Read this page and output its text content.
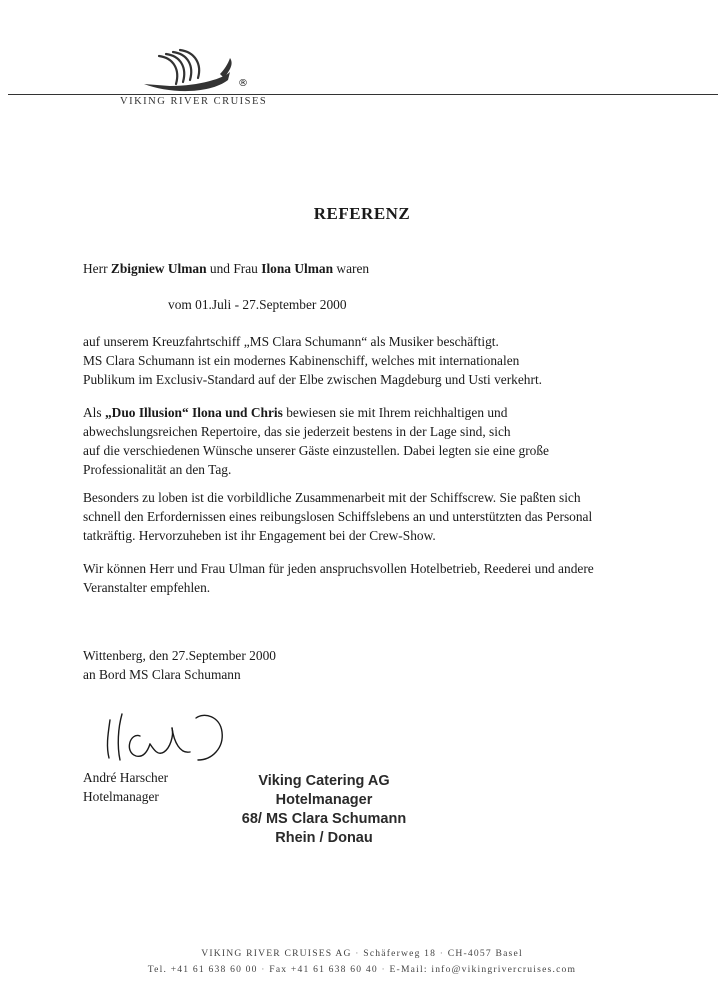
®
VIKING RIVER CRUISES
REFERENZ
Herr Zbigniew Ulman und Frau Ilona Ulman waren
vom 01.Juli - 27.September 2000
auf unserem Kreuzfahrtschiff „MS Clara Schumann“ als Musiker beschäftigt.
MS Clara Schumann ist ein modernes Kabinenschiff, welches mit internationalen
Publikum im Exclusiv-Standard auf der Elbe zwischen Magdeburg und Usti verkehrt.
Als „Duo Illusion“ Ilona und Chris bewiesen sie mit Ihrem reichhaltigen und
abwechslungsreichen Repertoire, das sie jederzeit bestens in der Lage sind, sich
auf die verschiedenen Wünsche unserer Gäste einzustellen. Dabei legten sie eine große
Professionalität an den Tag.
Besonders zu loben ist die vorbildliche Zusammenarbeit mit der Schiffscrew. Sie paßten sich
schnell den Erfordernissen eines reibungslosen Schiffslebens an und unterstützten das Personal
tatkräftig. Hervorzuheben ist ihr Engagement bei der Crew-Show.
Wir können Herr und Frau Ulman für jeden anspruchsvollen Hotelbetrieb, Reederei und andere
Veranstalter empfehlen.
Wittenberg, den 27.September 2000
an Bord MS Clara Schumann
André Harscher
Hotelmanager
Viking Catering AG
Hotelmanager
68/ MS Clara Schumann
Rhein / Donau
VIKING RIVER CRUISES AG · Schäferweg 18 · CH-4057 Basel
Tel. +41 61 638 60 00 · Fax +41 61 638 60 40 · E-Mail: info@vikingrivercruises.com
